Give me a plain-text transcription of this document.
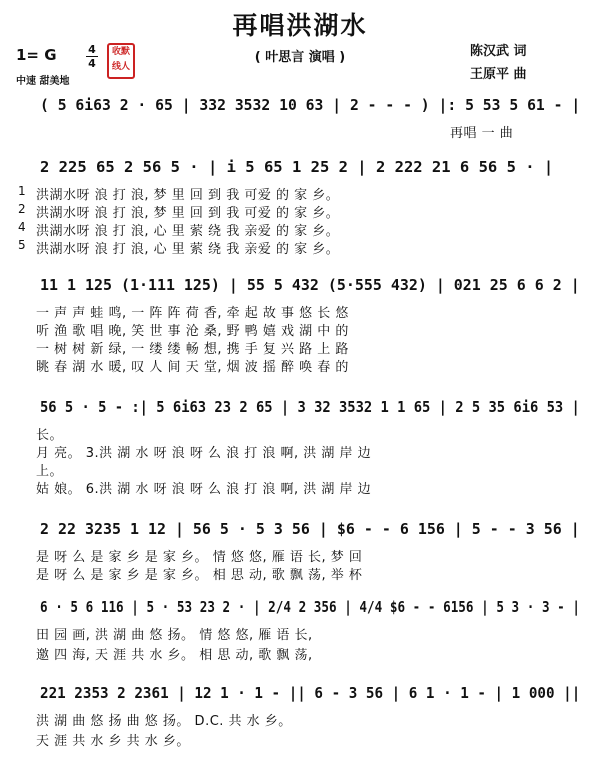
再唱洪湖水
( 叶思言 演唱 )	陈汉武 词
王原平 曲
1= G	4
4
收默
线人
中速 甜美地
( 5 6i63 2 · 65 | 332 3532 10 63 | 2 - - - ) |: 5 53 5 61 - |
再唱 一 曲
2 225 65 2 56 5 · | i 5 65 1 25 2 | 2 222 21 6 56 5 · |
1 洪湖水呀 浪 打 浪, 梦 里 回 到 我 可爱 的 家 乡。
2 洪湖水呀 浪 打 浪, 梦 里 回 到 我 可爱 的 家 乡。
4 洪湖水呀 浪 打 浪, 心 里 萦 绕 我 亲爱 的 家 乡。
5 洪湖水呀 浪 打 浪, 心 里 萦 绕 我 亲爱 的 家 乡。
11 1 125 (1·111 125) | 55 5 432 (5·555 432) | 021 25 6 6 2 |
一 声 声 蛙 鸣, 一 阵 阵 荷 香, 牵 起 故 事 悠 长 悠
听 渔 歌 唱 晚, 笑 世 事 沧 桑, 野 鸭 嬉 戏 湖 中 的
一 树 树 新 绿, 一 缕 缕 畅 想, 携 手 复 兴 路 上 路
眺 春 湖 水 暖, 叹 人 间 天 堂, 烟 波 摇 醉 唤 春 的
56 5 · 5 - :| 5 6i63 23 2 65 | 3 32 3532 1 1 65 | 2 5 35 6i6 53 |
长。
月 亮。 3.洪 湖 水 呀 浪 呀 么 浪 打 浪 啊, 洪 湖 岸 边
上。
姑 娘。 6.洪 湖 水 呀 浪 呀 么 浪 打 浪 啊, 洪 湖 岸 边
2 22 3235 1 12 | 56 5 · 5 3 56 | $6 - - 6 156 | 5 - - 3 56 |
是 呀 么 是 家 乡 是 家 乡。 情 悠 悠, 雁 语 长, 梦 回
是 呀 么 是 家 乡 是 家 乡。 相 思 动, 歌 飘 荡, 举 杯
6 · 5 6 116 | 5 · 53 23 2 · | 2/4 2 356 | 4/4 $6 - - 6156 | 5 3 · 3 - |
田 园 画, 洪 湖 曲 悠 扬。 情 悠 悠, 雁 语 长,
邀 四 海, 天 涯 共 水 乡。 相 思 动, 歌 飘 荡,
221 2353 2 2361 | 12 1 · 1 - || 6 - 3 56 | 6 1 · 1 - | 1 000 ||
洪 湖 曲 悠 扬 曲 悠 扬。 D.C. 共 水 乡。
天 涯 共 水 乡 共 水 乡。
